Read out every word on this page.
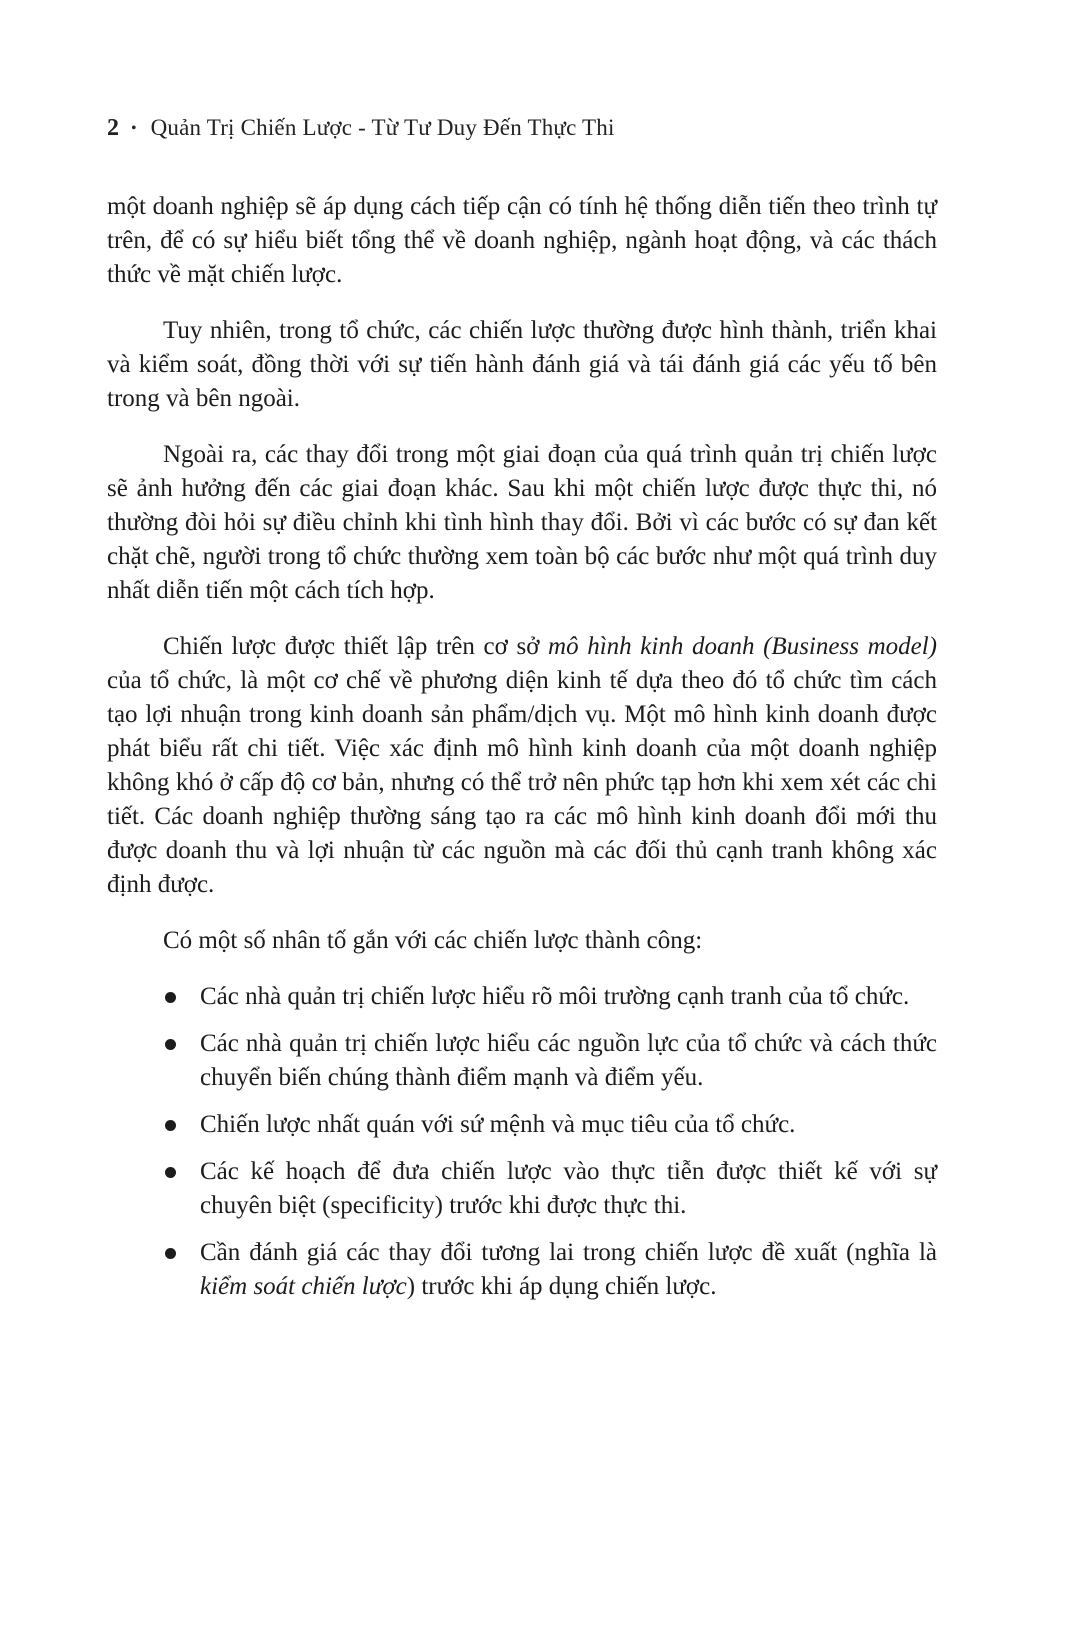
2 • Quản Trị Chiến Lược - Từ Tư Duy Đến Thực Thi

một doanh nghiệp sẽ áp dụng cách tiếp cận có tính hệ thống diễn tiến theo trình tự trên, để có sự hiểu biết tổng thể về doanh nghiệp, ngành hoạt động, và các thách thức về mặt chiến lược.

Tuy nhiên, trong tổ chức, các chiến lược thường được hình thành, triển khai và kiểm soát, đồng thời với sự tiến hành đánh giá và tái đánh giá các yếu tố bên trong và bên ngoài.

Ngoài ra, các thay đổi trong một giai đoạn của quá trình quản trị chiến lược sẽ ảnh hưởng đến các giai đoạn khác. Sau khi một chiến lược được thực thi, nó thường đòi hỏi sự điều chỉnh khi tình hình thay đổi. Bởi vì các bước có sự đan kết chặt chẽ, người trong tổ chức thường xem toàn bộ các bước như một quá trình duy nhất diễn tiến một cách tích hợp.

Chiến lược được thiết lập trên cơ sở mô hình kinh doanh (Business model) của tổ chức, là một cơ chế về phương diện kinh tế dựa theo đó tổ chức tìm cách tạo lợi nhuận trong kinh doanh sản phẩm/dịch vụ. Một mô hình kinh doanh được phát biểu rất chi tiết. Việc xác định mô hình kinh doanh của một doanh nghiệp không khó ở cấp độ cơ bản, nhưng có thể trở nên phức tạp hơn khi xem xét các chi tiết. Các doanh nghiệp thường sáng tạo ra các mô hình kinh doanh đổi mới thu được doanh thu và lợi nhuận từ các nguồn mà các đối thủ cạnh tranh không xác định được.

Có một số nhân tố gắn với các chiến lược thành công:

Các nhà quản trị chiến lược hiểu rõ môi trường cạnh tranh của tổ chức.
Các nhà quản trị chiến lược hiểu các nguồn lực của tổ chức và cách thức chuyển biến chúng thành điểm mạnh và điểm yếu.
Chiến lược nhất quán với sứ mệnh và mục tiêu của tổ chức.
Các kế hoạch để đưa chiến lược vào thực tiễn được thiết kế với sự chuyên biệt (specificity) trước khi được thực thi.
Cần đánh giá các thay đổi tương lai trong chiến lược đề xuất (nghĩa là kiểm soát chiến lược) trước khi áp dụng chiến lược.
